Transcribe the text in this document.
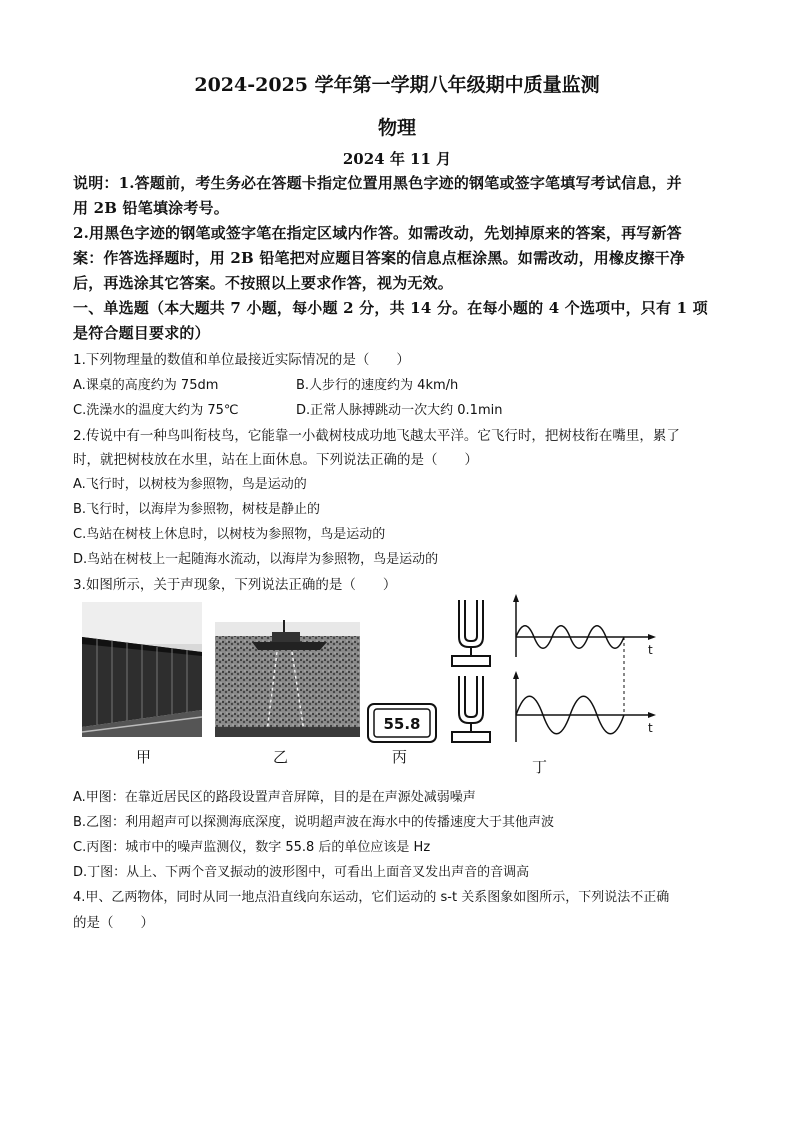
2024-2025 学年第一学期八年级期中质量监测
物理
2024 年 11 月
说明：1.答题前，考生务必在答题卡指定位置用黑色字迹的钢笔或签字笔填写考试信息，并
用 2B 铅笔填涂考号。
2.用黑色字迹的钢笔或签字笔在指定区域内作答。如需改动，先划掉原来的答案，再写新答
案：作答选择题时，用 2B 铅笔把对应题目答案的信息点框涂黑。如需改动，用橡皮擦干净
后，再选涂其它答案。不按照以上要求作答，视为无效。
一、单选题（本大题共 7 小题，每小题 2 分，共 14 分。在每小题的 4 个选项中，只有 1 项
是符合题目要求的）
1.下列物理量的数值和单位最接近实际情况的是（　　）
A.课桌的高度约为 75dm	B.人步行的速度约为 4km/h
C.洗澡水的温度大约为 75℃	D.正常人脉搏跳动一次大约 0.1min
2.传说中有一种鸟叫衔枝鸟，它能靠一小截树枝成功地飞越太平洋。它飞行时，把树枝衔在嘴里，累了
时，就把树枝放在水里，站在上面休息。下列说法正确的是（　　）
A.飞行时，以树枝为参照物，鸟是运动的
B.飞行时，以海岸为参照物，树枝是静止的
C.鸟站在树枝上休息时，以树枝为参照物，鸟是运动的
D.鸟站在树枝上一起随海水流动，以海岸为参照物，鸟是运动的
3.如图所示，关于声现象，下列说法正确的是（　　）
甲	乙
55.8
丙
t
t
丁
A.甲图：在靠近居民区的路段设置声音屏障，目的是在声源处减弱噪声
B.乙图：利用超声可以探测海底深度，说明超声波在海水中的传播速度大于其他声波
C.丙图：城市中的噪声监测仪，数字 55.8 后的单位应该是 Hz
D.丁图：从上、下两个音叉振动的波形图中，可看出上面音叉发出声音的音调高
4.甲、乙两物体，同时从同一地点沿直线向东运动，它们运动的 s-t 关系图象如图所示，下列说法不正确
的是（　　）
